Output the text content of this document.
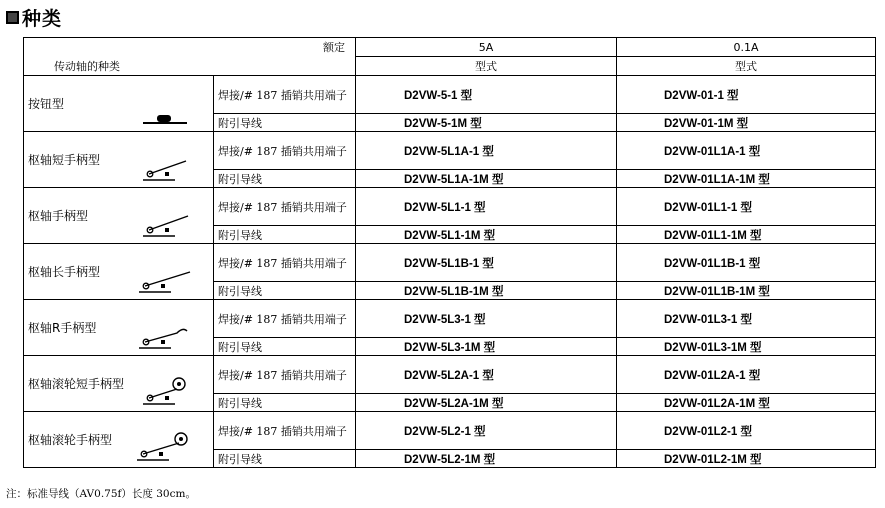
种类
额定		5A	0.1A
传动轴的种类		型式	型式
按钮型	焊接/# 187 插销共用端子	D2VW-5-1 型	D2VW-01-1 型
	附引导线	D2VW-5-1M 型	D2VW-01-1M 型
枢轴短手柄型	焊接/# 187 插销共用端子	D2VW-5L1A-1 型	D2VW-01L1A-1 型
	附引导线	D2VW-5L1A-1M 型	D2VW-01L1A-1M 型
枢轴手柄型	焊接/# 187 插销共用端子	D2VW-5L1-1 型	D2VW-01L1-1 型
	附引导线	D2VW-5L1-1M 型	D2VW-01L1-1M 型
枢轴长手柄型	焊接/# 187 插销共用端子	D2VW-5L1B-1 型	D2VW-01L1B-1 型
	附引导线	D2VW-5L1B-1M 型	D2VW-01L1B-1M 型
枢轴R手柄型	焊接/# 187 插销共用端子	D2VW-5L3-1 型	D2VW-01L3-1 型
	附引导线	D2VW-5L3-1M 型	D2VW-01L3-1M 型
枢轴滚轮短手柄型	焊接/# 187 插销共用端子	D2VW-5L2A-1 型	D2VW-01L2A-1 型
	附引导线	D2VW-5L2A-1M 型	D2VW-01L2A-1M 型
枢轴滚轮手柄型	焊接/# 187 插销共用端子	D2VW-5L2-1 型	D2VW-01L2-1 型
	附引导线	D2VW-5L2-1M 型	D2VW-01L2-1M 型
注：标准导线（AV0.75f）长度 30cm。
